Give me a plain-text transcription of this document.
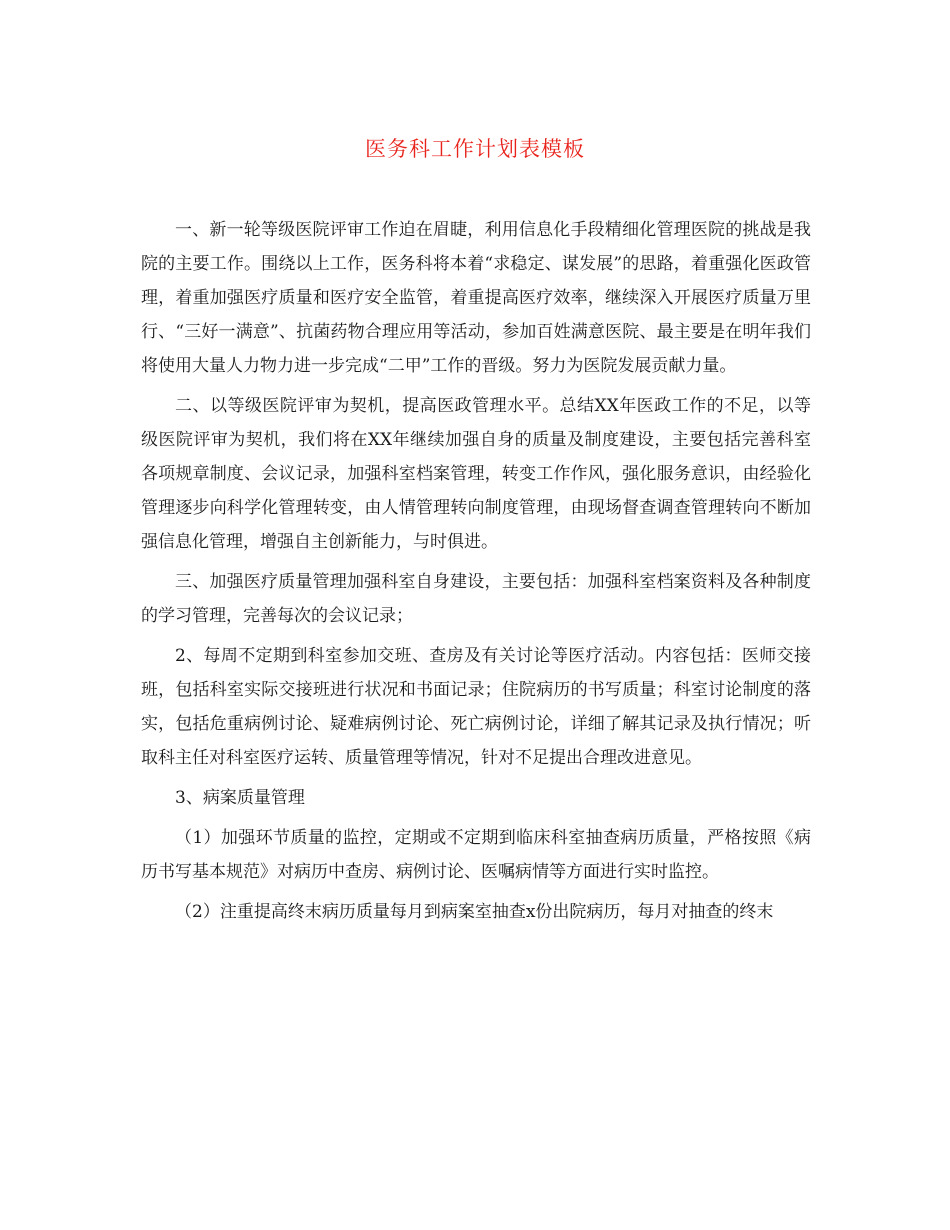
医务科工作计划表模板

一、新一轮等级医院评审工作迫在眉睫，利用信息化手段精细化管理医院的挑战是我院的主要工作。围绕以上工作，医务科将本着“求稳定、谋发展”的思路，着重强化医政管理，着重加强医疗质量和医疗安全监管，着重提高医疗效率，继续深入开展医疗质量万里行、“三好一满意”、抗菌药物合理应用等活动，参加百姓满意医院、最主要是在明年我们将使用大量人力物力进一步完成“二甲”工作的晋级。努力为医院发展贡献力量。

二、以等级医院评审为契机，提高医政管理水平。总结XX年医政工作的不足，以等级医院评审为契机，我们将在XX年继续加强自身的质量及制度建设，主要包括完善科室各项规章制度、会议记录，加强科室档案管理，转变工作作风，强化服务意识，由经验化管理逐步向科学化管理转变，由人情管理转向制度管理，由现场督查调查管理转向不断加强信息化管理，增强自主创新能力，与时俱进。

三、加强医疗质量管理加强科室自身建设，主要包括：加强科室档案资料及各种制度的学习管理，完善每次的会议记录；

2、每周不定期到科室参加交班、查房及有关讨论等医疗活动。内容包括：医师交接班，包括科室实际交接班进行状况和书面记录；住院病历的书写质量；科室讨论制度的落实，包括危重病例讨论、疑难病例讨论、死亡病例讨论，详细了解其记录及执行情况；听取科主任对科室医疗运转、质量管理等情况，针对不足提出合理改进意见。

3、病案质量管理

（1）加强环节质量的监控，定期或不定期到临床科室抽查病历质量，严格按照《病历书写基本规范》对病历中查房、病例讨论、医嘱病情等方面进行实时监控。

（2）注重提高终末病历质量每月到病案室抽查x份出院病历，每月对抽查的终末
